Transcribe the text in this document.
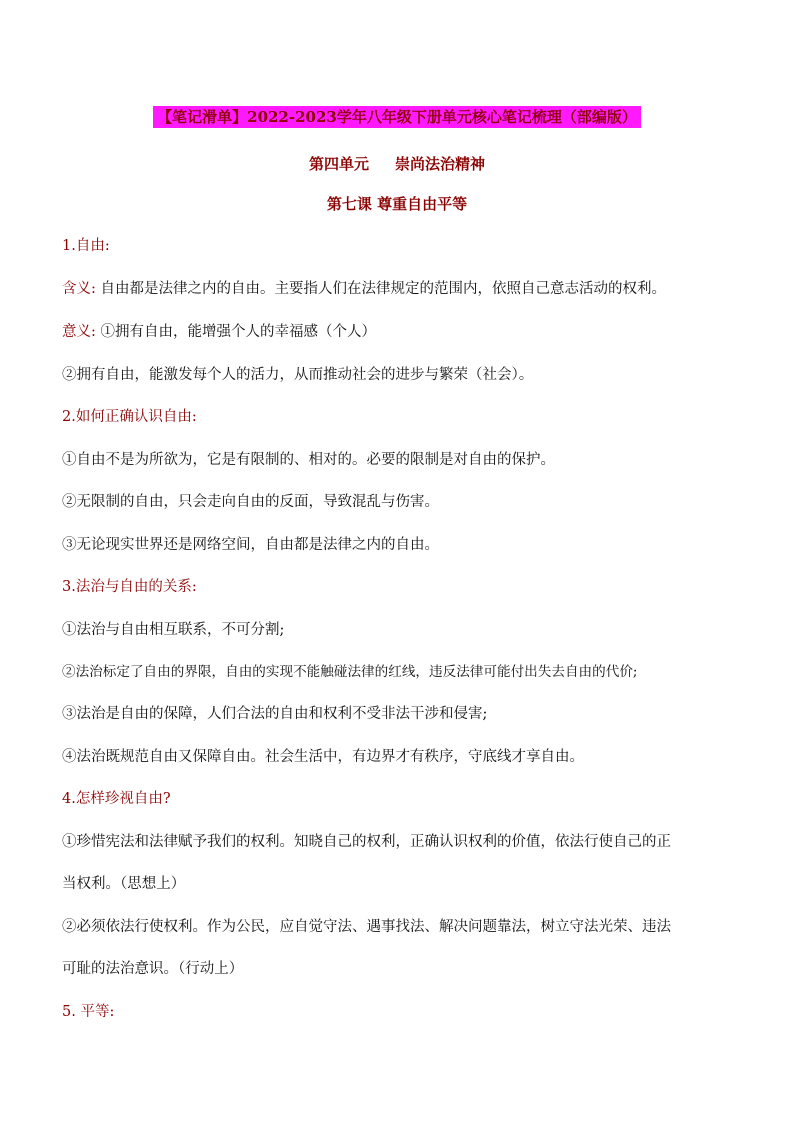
【笔记滑单】2022-2023学年八年级下册单元核心笔记梳理（部编版）
第四单元     崇尚法治精神
第七课 尊重自由平等
1.自由:
含义: 自由都是法律之内的自由。主要指人们在法律规定的范围内，依照自己意志活动的权利。
意义: ①拥有自由，能增强个人的幸福感（个人）
②拥有自由，能激发每个人的活力，从而推动社会的进步与繁荣（社会）。
2.如何正确认识自由:
①自由不是为所欲为，它是有限制的、相对的。必要的限制是对自由的保护。
②无限制的自由，只会走向自由的反面，导致混乱与伤害。
③无论现实世界还是网络空间，自由都是法律之内的自由。
3.法治与自由的关系:
①法治与自由相互联系，不可分割;
②法治标定了自由的界限，自由的实现不能触碰法律的红线，违反法律可能付出失去自由的代价;
③法治是自由的保障，人们合法的自由和权利不受非法干涉和侵害;
④法治既规范自由又保障自由。社会生活中，有边界才有秩序，守底线才享自由。
4.怎样珍视自由?
①珍惜宪法和法律赋予我们的权利。知晓自己的权利，正确认识权利的价值，依法行使自己的正
当权利。（思想上）
②必须依法行使权利。作为公民，应自觉守法、遇事找法、解决问题靠法，树立守法光荣、违法
可耻的法治意识。（行动上）
5. 平等:
